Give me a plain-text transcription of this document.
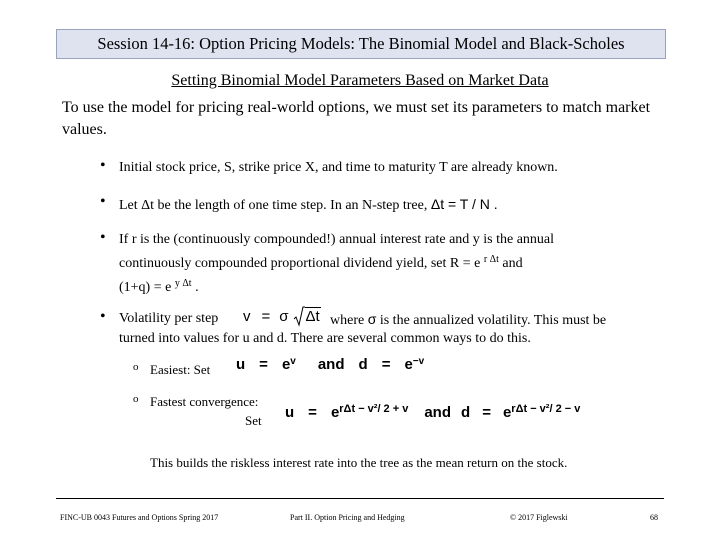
Session 14-16: Option Pricing Models: The Binomial Model and Black-Scholes
Setting Binomial Model Parameters Based on Market Data
To use the model for pricing real-world options, we must set its parameters to match market values.
• Initial stock price, S, strike price X, and time to maturity T are already known.
• Let Δt be the length of one time step. In an N-step tree, Δt = T / N .
• If r is the (continuously compounded!) annual interest rate and y is the annual
continuously compounded proportional dividend yield, set R = e $^{r \Delta t}$ and
(1+q) = e $^{y \Delta t}$ .
• Volatility per step v = σ Δt where σ is the annualized volatility. This must be
turned into values for u and d. There are several common ways to do this.
o Easiest: Set $u = e^v$ and $d = e^{-v}$
o Fastest convergence:
Set $u = e^{r\Delta t - v^2/ 2 + v}$ and $d = e^{r\Delta t - v^2/ 2 - v}$
This builds the riskless interest rate into the tree as the mean return on the stock.
FINC-UB 0043 Futures and Options Spring 2017	Part II. Option Pricing and Hedging	© 2017 Figlewski	68
